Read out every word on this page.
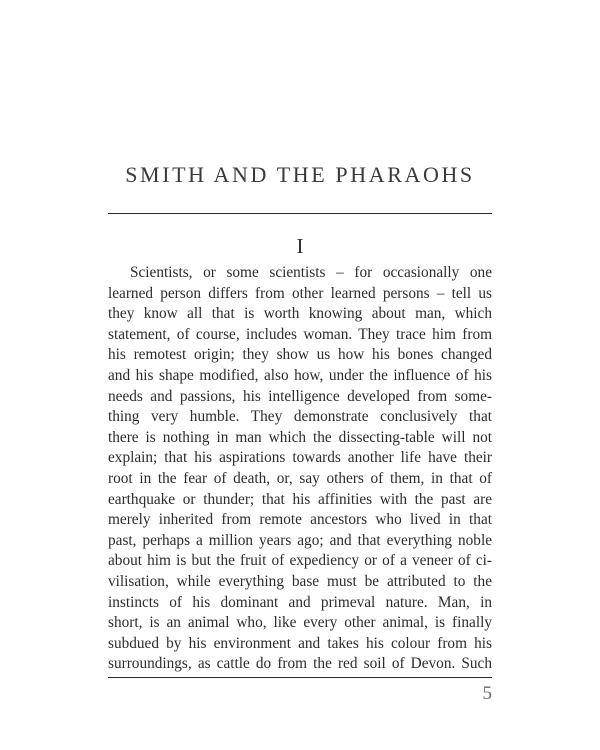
SMITH AND THE PHARAOHS
I
Scientists, or some scientists – for occasionally one
learned person differs from other learned persons – tell us
they know all that is worth knowing about man, which
statement, of course, includes woman. They trace him from
his remotest origin; they show us how his bones changed
and his shape modified, also how, under the influence of his
needs and passions, his intelligence developed from some-
thing very humble. They demonstrate conclusively that
there is nothing in man which the dissecting-table will not
explain; that his aspirations towards another life have their
root in the fear of death, or, say others of them, in that of
earthquake or thunder; that his affinities with the past are
merely inherited from remote ancestors who lived in that
past, perhaps a million years ago; and that everything noble
about him is but the fruit of expediency or of a veneer of ci-
vilisation, while everything base must be attributed to the
instincts of his dominant and primeval nature. Man, in
short, is an animal who, like every other animal, is finally
subdued by his environment and takes his colour from his
surroundings, as cattle do from the red soil of Devon. Such
5
